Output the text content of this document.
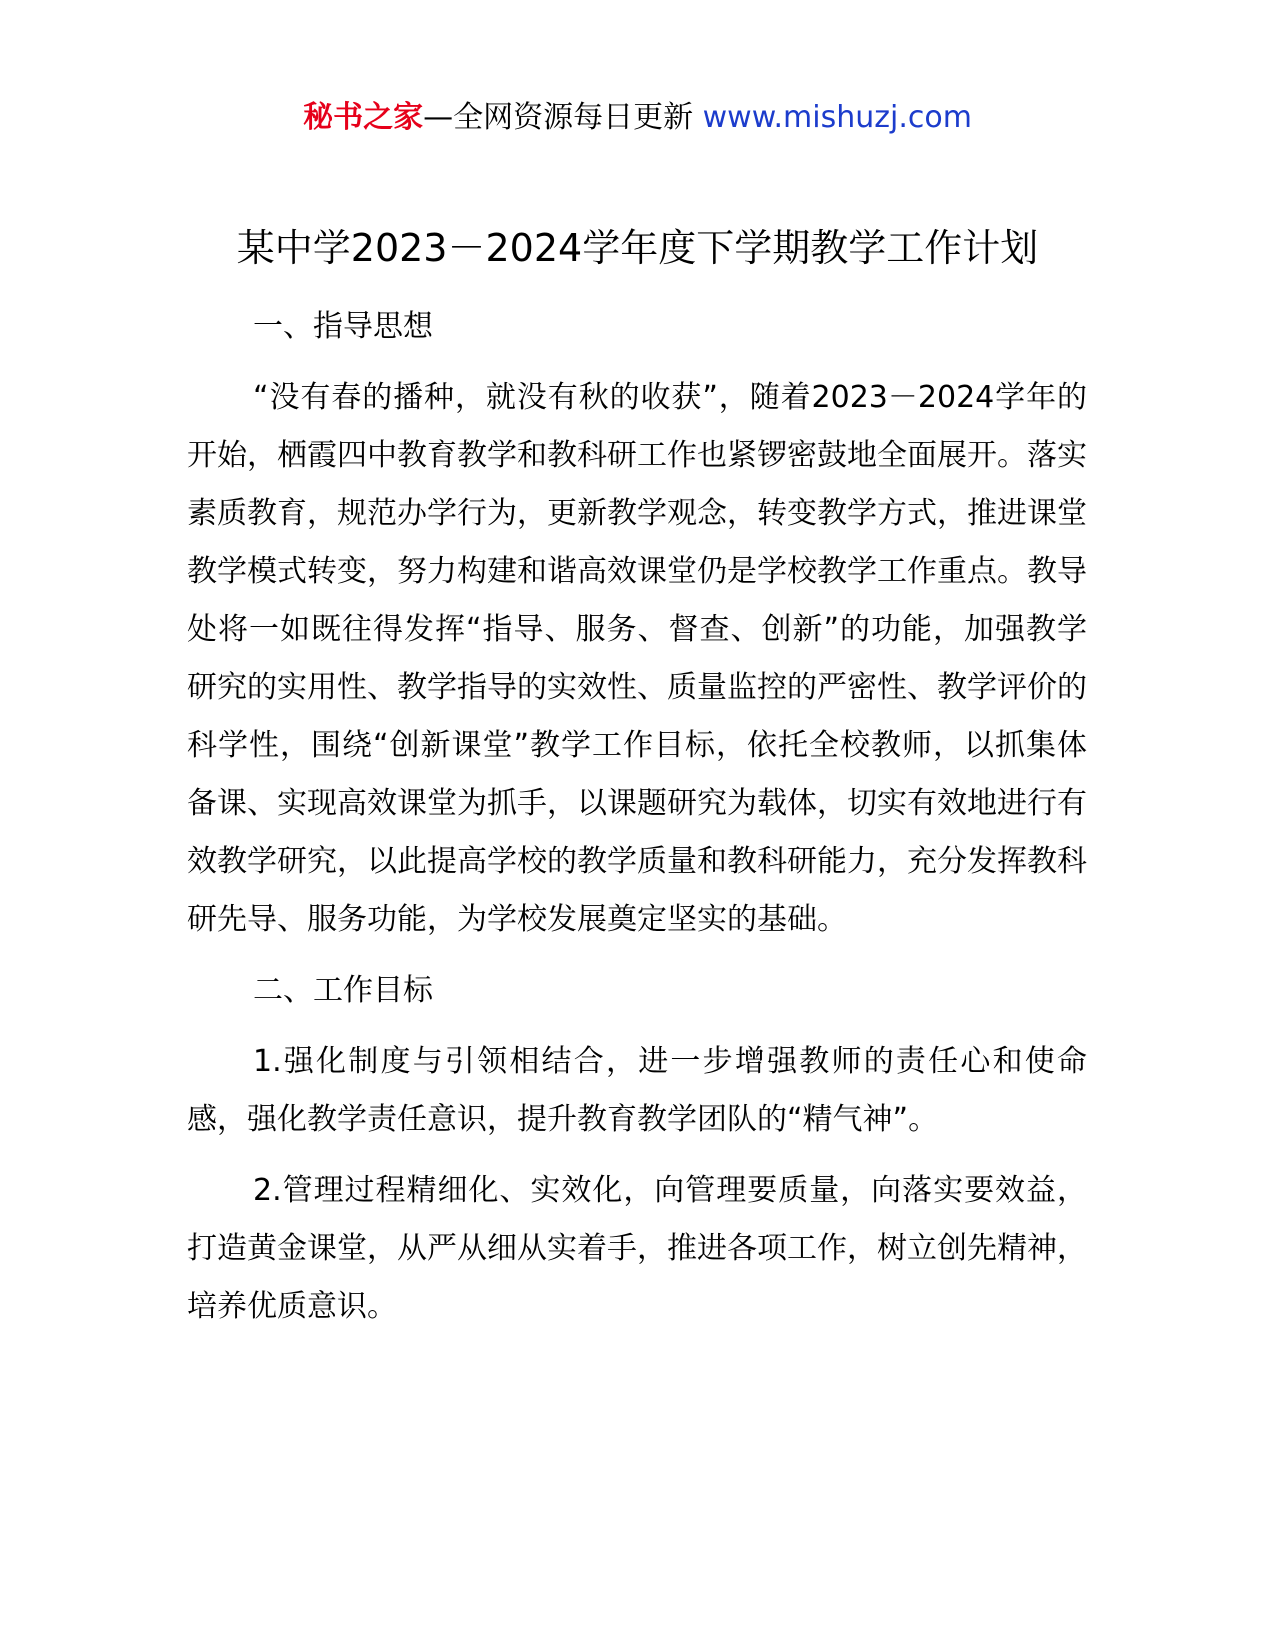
秘书之家—全网资源每日更新 www.mishuzj.com
某中学2023－2024学年度下学期教学工作计划

一、指导思想

“没有春的播种，就没有秋的收获”，随着2023－2024学年的开始，栖霞四中教育教学和教科研工作也紧锣密鼓地全面展开。落实素质教育，规范办学行为，更新教学观念，转变教学方式，推进课堂教学模式转变，努力构建和谐高效课堂仍是学校教学工作重点。教导处将一如既往得发挥“指导、服务、督查、创新”的功能，加强教学研究的实用性、教学指导的实效性、质量监控的严密性、教学评价的科学性，围绕“创新课堂”教学工作目标，依托全校教师，以抓集体备课、实现高效课堂为抓手，以课题研究为载体，切实有效地进行有效教学研究，以此提高学校的教学质量和教科研能力，充分发挥教科研先导、服务功能，为学校发展奠定坚实的基础。

二、工作目标

1.强化制度与引领相结合，进一步增强教师的责任心和使命感，强化教学责任意识，提升教育教学团队的“精气神”。

2.管理过程精细化、实效化，向管理要质量，向落实要效益，打造黄金课堂，从严从细从实着手，推进各项工作，树立创先精神，培养优质意识。
